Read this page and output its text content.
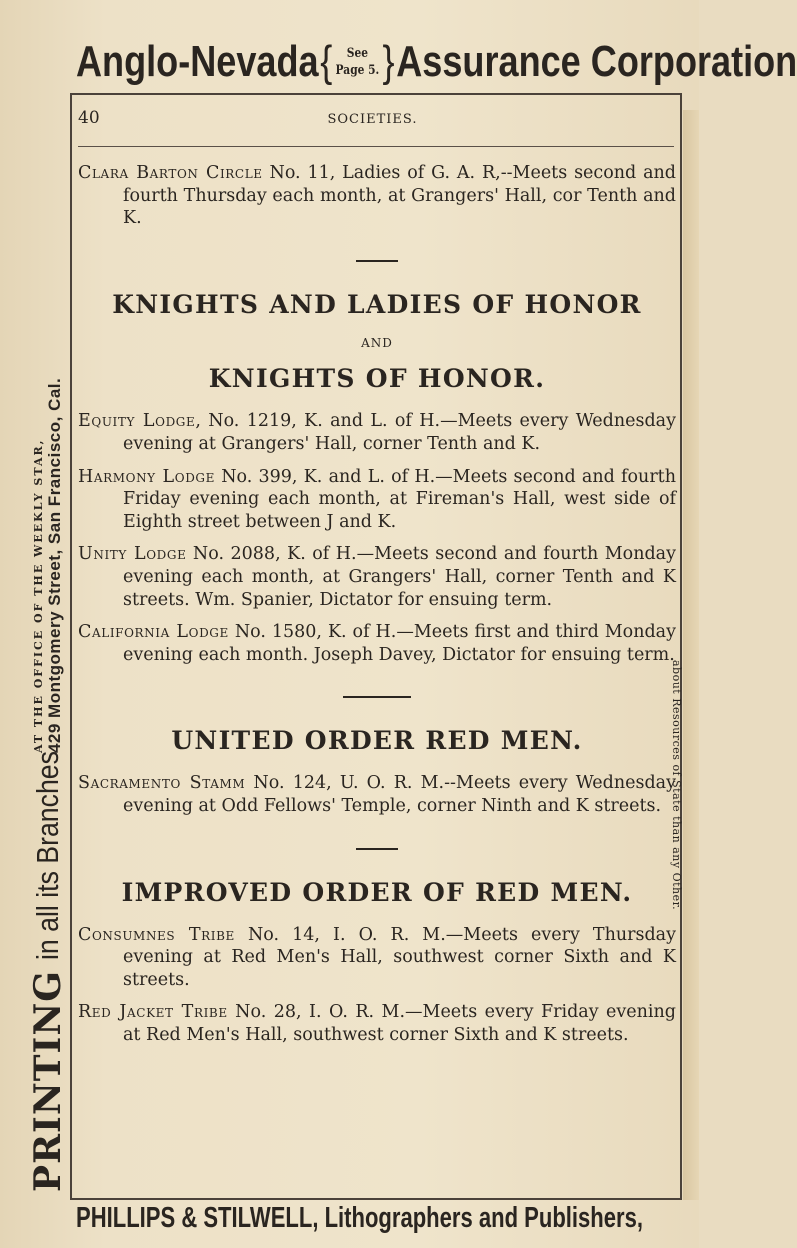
Anglo-Nevada { See
Page 5. } Assurance Corporation
40	SOCIETIES.

Clara Barton Circle No. 11, Ladies of G. A. R,--Meets second and fourth Thursday each month, at Grangers' Hall, cor Tenth and K.

KNIGHTS AND LADIES OF HONOR
AND
KNIGHTS OF HONOR.

Equity Lodge, No. 1219, K. and L. of H.—Meets every Wednesday evening at Grangers' Hall, corner Tenth and K.

Harmony Lodge No. 399, K. and L. of H.—Meets second and fourth Friday evening each month, at Fireman's Hall, west side of Eighth street between J and K.

Unity Lodge No. 2088, K. of H.—Meets second and fourth Monday evening each month, at Grangers' Hall, corner Tenth and K streets. Wm. Spanier, Dictator for ensuing term.

California Lodge No. 1580, K. of H.—Meets first and third Monday evening each month. Joseph Davey, Dictator for ensuing term.

UNITED ORDER RED MEN.

Sacramento Stamm No. 124, U. O. R. M.--Meets every Wednesday evening at Odd Fellows' Temple, corner Ninth and K streets.

IMPROVED ORDER OF RED MEN.

Consumnes Tribe No. 14, I. O. R. M.—Meets every Thursday evening at Red Men's Hall, southwest corner Sixth and K streets.

Red Jacket Tribe No. 28, I. O. R. M.—Meets every Friday evening at Red Men's Hall, southwest corner Sixth and K streets.

PRINTING
in all its Branches
AT THE OFFICE OF THE WEEKLY STAR, 429 Montgomery Street, San Francisco, Cal.
about Resources of State than any Other.
PHILLIPS & STILWELL, Lithographers and Publishers,
